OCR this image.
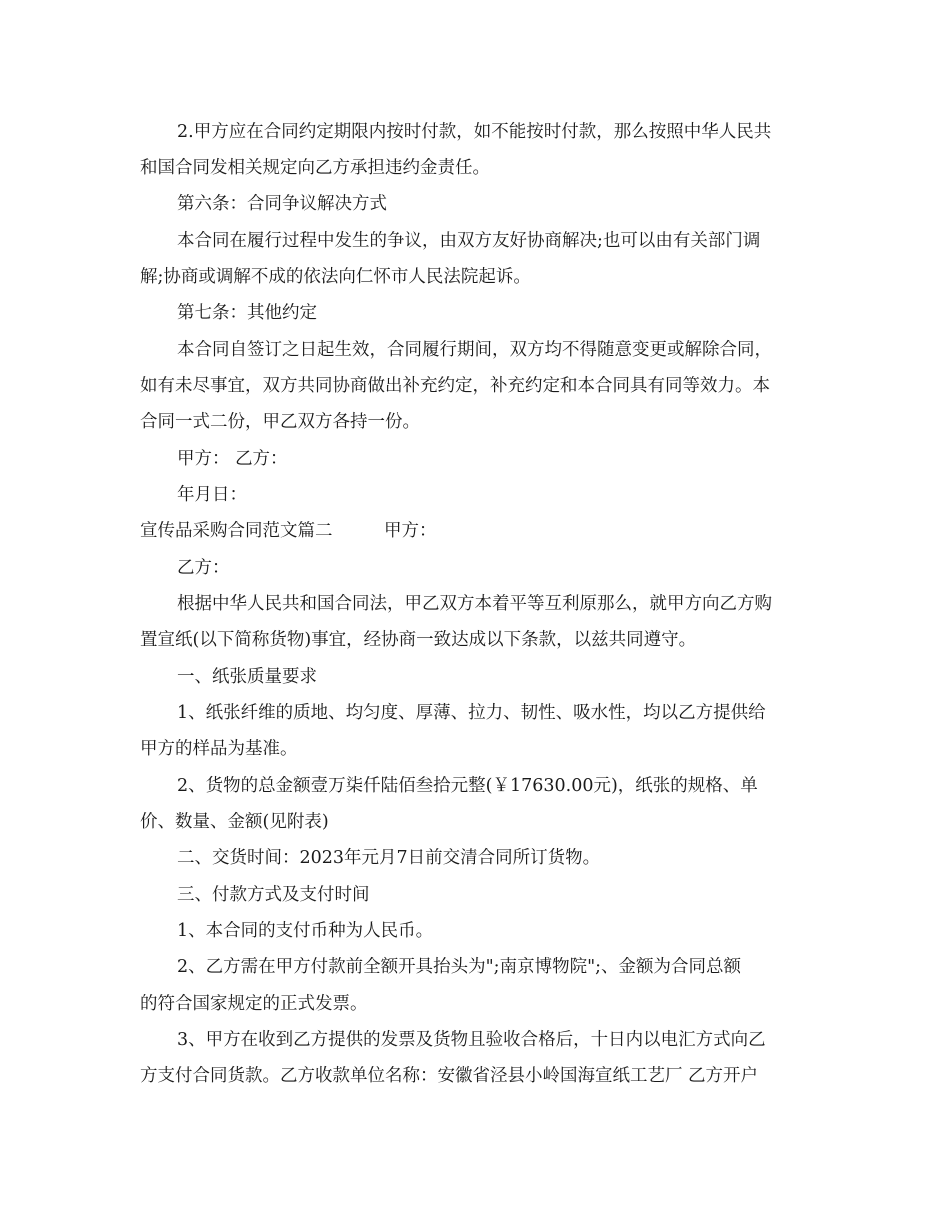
2.甲方应在合同约定期限内按时付款，如不能按时付款，那么按照中华人民共
和国合同发相关规定向乙方承担违约金责任。
第六条：合同争议解决方式
本合同在履行过程中发生的争议，由双方友好协商解决;也可以由有关部门调
解;协商或调解不成的依法向仁怀市人民法院起诉。
第七条：其他约定
本合同自签订之日起生效，合同履行期间，双方均不得随意变更或解除合同，
如有未尽事宜，双方共同协商做出补充约定，补充约定和本合同具有同等效力。本
合同一式二份，甲乙双方各持一份。
甲方： 乙方：
年月日：
宣传品采购合同范文篇二	甲方：
乙方：
根据中华人民共和国合同法，甲乙双方本着平等互利原那么，就甲方向乙方购
置宣纸(以下简称货物)事宜，经协商一致达成以下条款，以兹共同遵守。
一、纸张质量要求
1、纸张纤维的质地、均匀度、厚薄、拉力、韧性、吸水性，均以乙方提供给
甲方的样品为基准。
2、货物的总金额壹万柒仟陆佰叁拾元整(￥17630.00元)，纸张的规格、单
价、数量、金额(见附表)
二、交货时间：2023年元月7日前交清合同所订货物。
三、付款方式及支付时间
1、本合同的支付币种为人民币。
2、乙方需在甲方付款前全额开具抬头为";南京博物院";、金额为合同总额
的符合国家规定的正式发票。
3、甲方在收到乙方提供的发票及货物且验收合格后，十日内以电汇方式向乙
方支付合同货款。乙方收款单位名称：安徽省泾县小岭国海宣纸工艺厂 乙方开户
